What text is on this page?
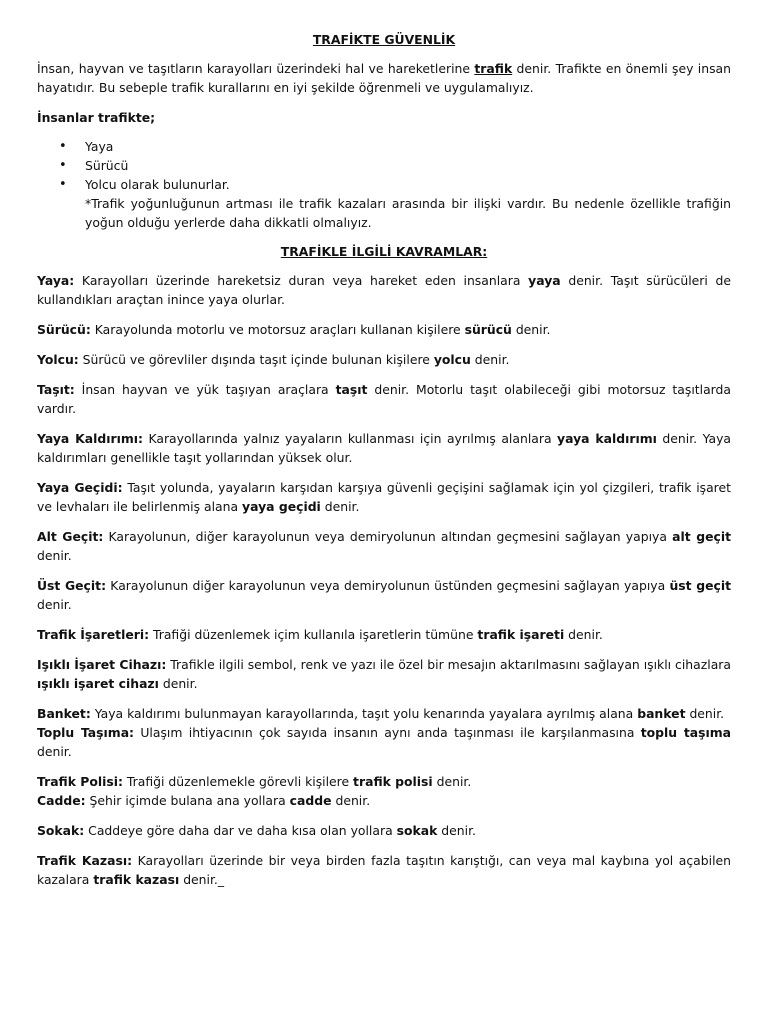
TRAFİKTE GÜVENLİK
İnsan, hayvan ve taşıtların karayolları üzerindeki hal ve hareketlerine trafik denir. Trafikte en önemli şey insan hayatıdır. Bu sebeple trafik kurallarını en iyi şekilde öğrenmeli ve uygulamalıyız.
İnsanlar trafikte;
• Yaya
• Sürücü
• Yolcu olarak bulunurlar.
*Trafik yoğunluğunun artması ile trafik kazaları arasında bir ilişki vardır. Bu nedenle özellikle trafiğin yoğun olduğu yerlerde daha dikkatli olmalıyız.
TRAFİKLE İLGİLİ KAVRAMLAR:
Yaya: Karayolları üzerinde hareketsiz duran veya hareket eden insanlara yaya denir. Taşıt sürücüleri de kullandıkları araçtan inince yaya olurlar.
Sürücü: Karayolunda motorlu ve motorsuz araçları kullanan kişilere sürücü denir.
Yolcu: Sürücü ve görevliler dışında taşıt içinde bulunan kişilere yolcu denir.
Taşıt: İnsan hayvan ve yük taşıyan araçlara taşıt denir. Motorlu taşıt olabileceği gibi motorsuz taşıtlarda vardır.
Yaya Kaldırımı: Karayollarında yalnız yayaların kullanması için ayrılmış alanlara yaya kaldırımı denir. Yaya kaldırımları genellikle taşıt yollarından yüksek olur.
Yaya Geçidi: Taşıt yolunda, yayaların karşıdan karşıya güvenli geçişini sağlamak için yol çizgileri, trafik işaret ve levhaları ile belirlenmiş alana yaya geçidi denir.
Alt Geçit: Karayolunun, diğer karayolunun veya demiryolunun altından geçmesini sağlayan yapıya alt geçit denir.
Üst Geçit: Karayolunun diğer karayolunun veya demiryolunun üstünden geçmesini sağlayan yapıya üst geçit denir.
Trafik İşaretleri: Trafiği düzenlemek içim kullanıla işaretlerin tümüne trafik işareti denir.
Işıklı İşaret Cihazı: Trafikle ilgili sembol, renk ve yazı ile özel bir mesajın aktarılmasını sağlayan ışıklı cihazlara ışıklı işaret cihazı denir.
Banket: Yaya kaldırımı bulunmayan karayollarında, taşıt yolu kenarında yayalara ayrılmış alana banket denir.
Toplu Taşıma: Ulaşım ihtiyacının çok sayıda insanın aynı anda taşınması ile karşılanmasına toplu taşıma denir.
Trafik Polisi: Trafiği düzenlemekle görevli kişilere trafik polisi denir.
Cadde: Şehir içimde bulana ana yollara cadde denir.
Sokak: Caddeye göre daha dar ve daha kısa olan yollara sokak denir.
Trafik Kazası: Karayolları üzerinde bir veya birden fazla taşıtın karıştığı, can veya mal kaybına yol açabilen kazalara trafik kazası denir._
